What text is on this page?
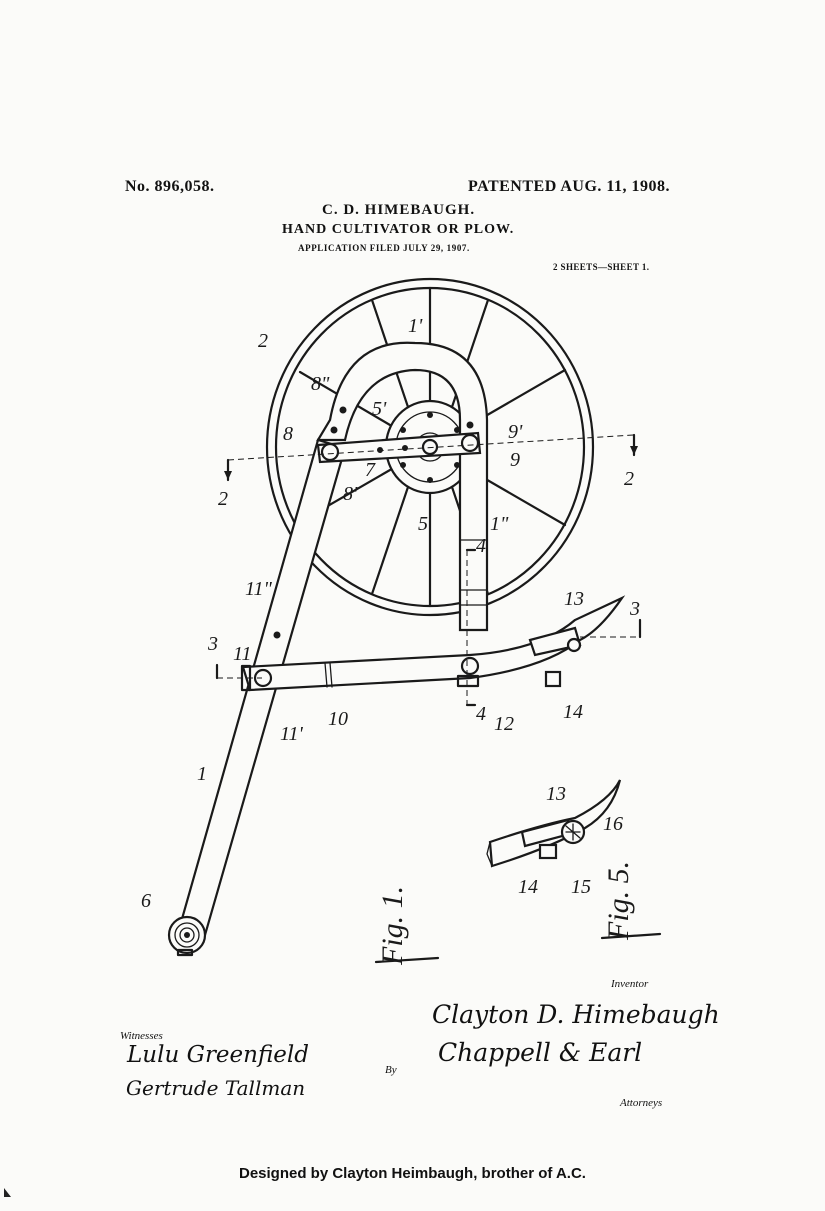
No. 896,058.	PATENTED AUG. 11, 1908.

C. D. HIMEBAUGH.

HAND CULTIVATOR OR PLOW.

APPLICATION FILED JULY 29, 1907.

2 SHEETS—SHEET 1.

2
1'
8"
5'
8	9'
9
7
8'
5	1"
2
2
4
4
11"	13 3
3 11
11'
10	12
14
1
6
13
16
14 15
Fig. 1.	Fig. 5.

Inventor

Clayton D. Himebaugh

Witnesses

Lulu Greenfield

Gertrude Tallman

By

Chappell & Earl

Attorneys

Designed by Clayton Heimbaugh, brother of A.C.
